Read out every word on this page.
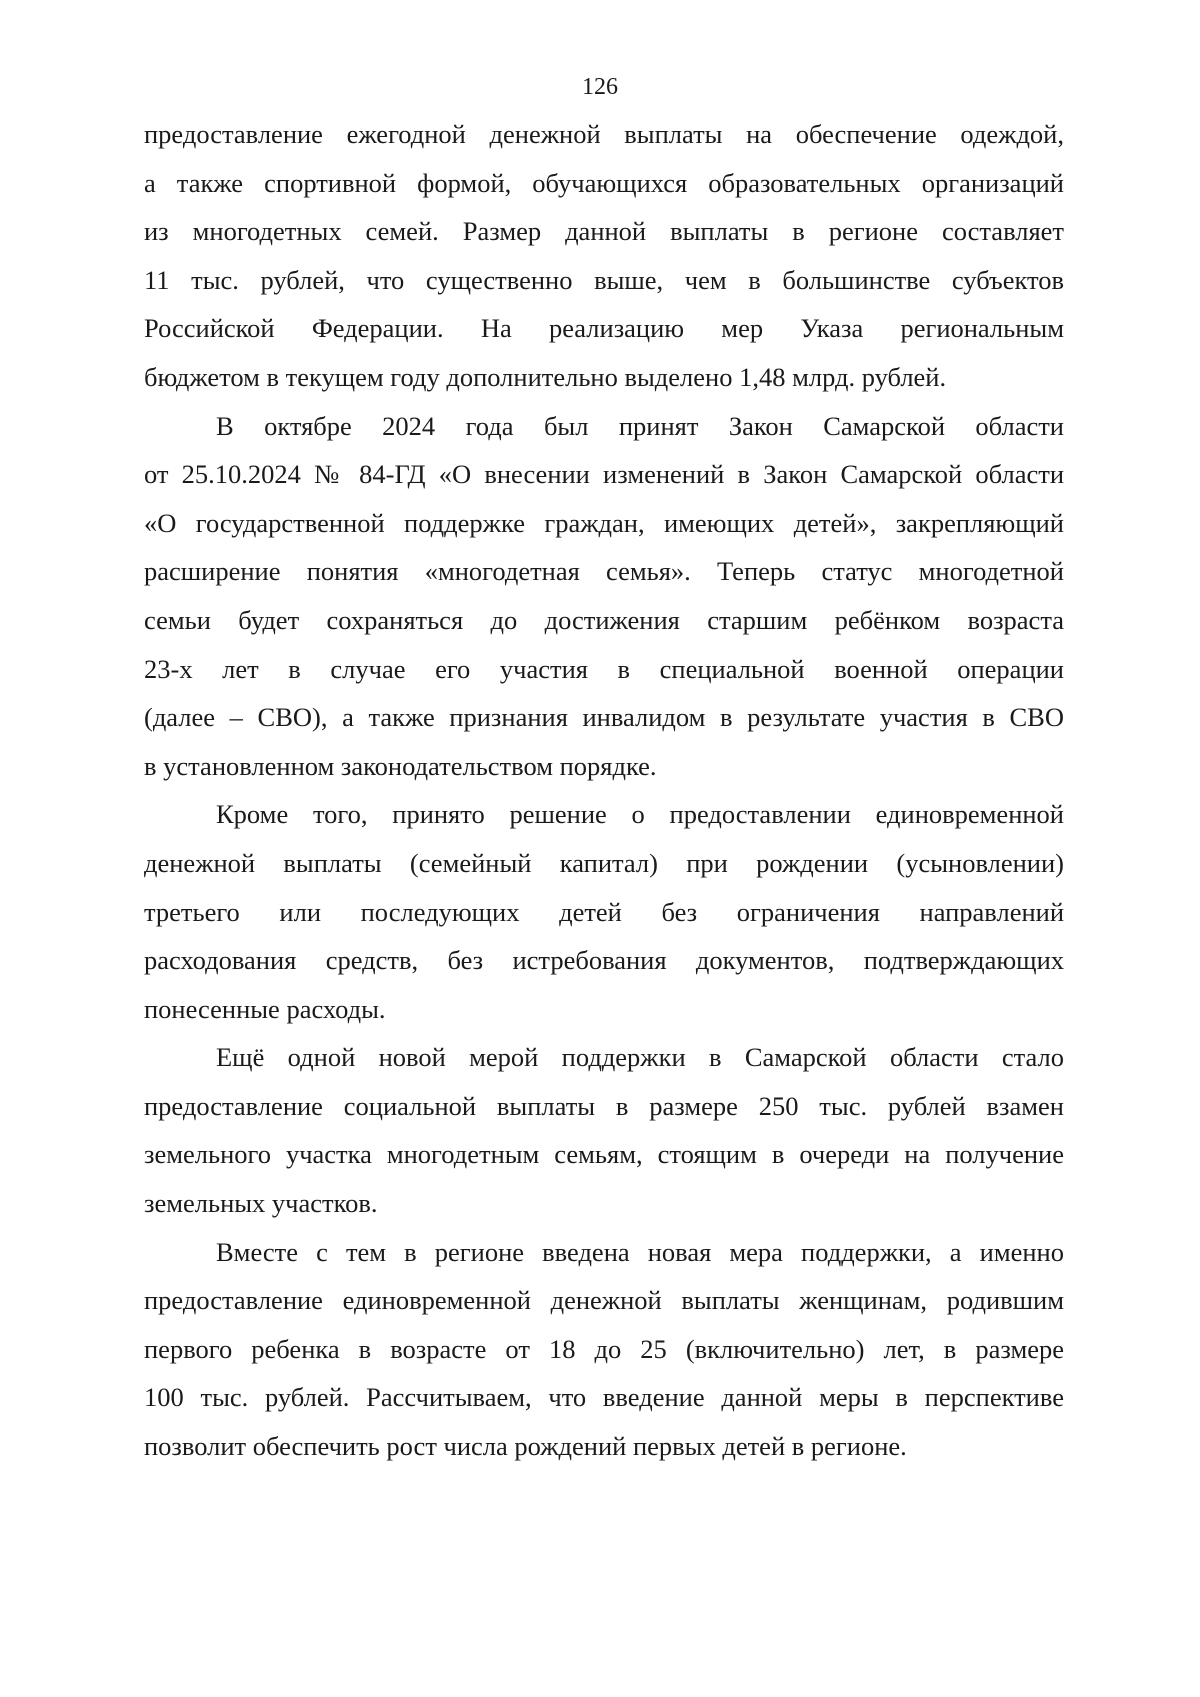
126
предоставление ежегодной денежной выплаты на обеспечение одеждой,
а также спортивной формой, обучающихся образовательных организаций
из многодетных семей. Размер данной выплаты в регионе составляет
11 тыс. рублей, что существенно выше, чем в большинстве субъектов
Российской Федерации. На реализацию мер Указа региональным
бюджетом в текущем году дополнительно выделено 1,48 млрд. рублей.
В октябре 2024 года был принят Закон Самарской области
от 25.10.2024 № 84-ГД «О внесении изменений в Закон Самарской области
«О государственной поддержке граждан, имеющих детей», закрепляющий
расширение понятия «многодетная семья». Теперь статус многодетной
семьи будет сохраняться до достижения старшим ребёнком возраста
23-х лет в случае его участия в специальной военной операции
(далее – СВО), а также признания инвалидом в результате участия в СВО
в установленном законодательством порядке.
Кроме того, принято решение о предоставлении единовременной
денежной выплаты (семейный капитал) при рождении (усыновлении)
третьего или последующих детей без ограничения направлений
расходования средств, без истребования документов, подтверждающих
понесенные расходы.
Ещё одной новой мерой поддержки в Самарской области стало
предоставление социальной выплаты в размере 250 тыс. рублей взамен
земельного участка многодетным семьям, стоящим в очереди на получение
земельных участков.
Вместе с тем в регионе введена новая мера поддержки, а именно
предоставление единовременной денежной выплаты женщинам, родившим
первого ребенка в возрасте от 18 до 25 (включительно) лет, в размере
100 тыс. рублей. Рассчитываем, что введение данной меры в перспективе
позволит обеспечить рост числа рождений первых детей в регионе.
